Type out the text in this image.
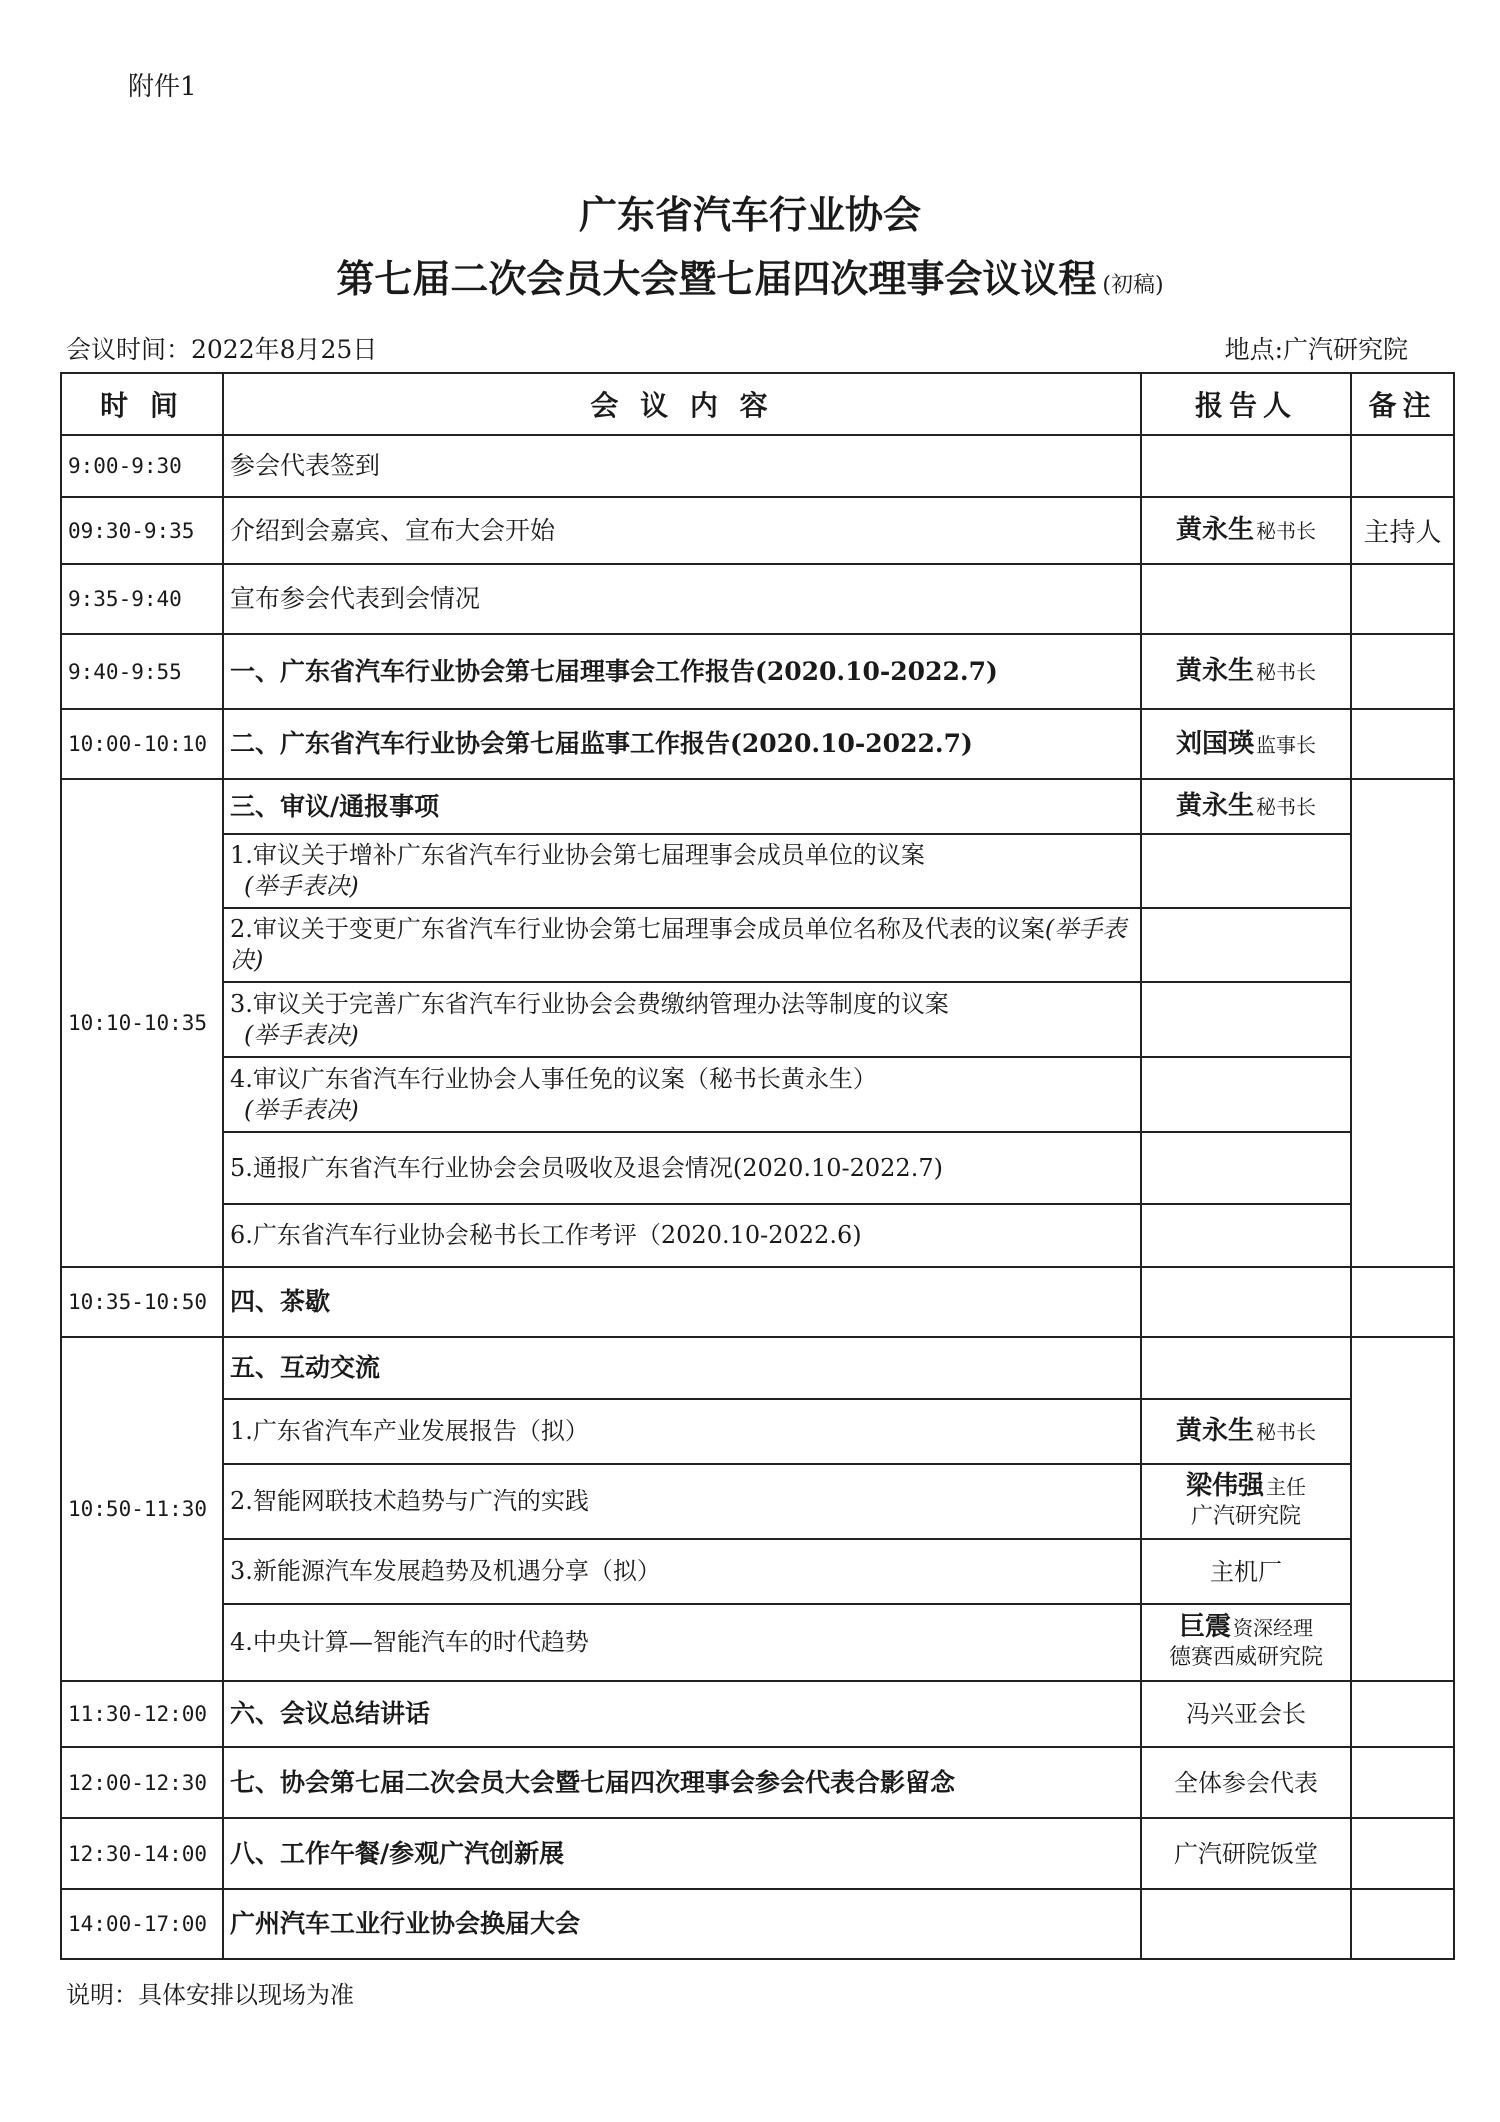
附件1
广东省汽车行业协会
第七届二次会员大会暨七届四次理事会议议程 (初稿)
会议时间：2022年8月25日	地点:广汽研究院
时 间	会 议 内 容	报告人	备注
9:00-9:30	参会代表签到		
09:30-9:35	介绍到会嘉宾、宣布大会开始	黄永生 秘书长	主持人
9:35-9:40	宣布参会代表到会情况		
9:40-9:55	一、广东省汽车行业协会第七届理事会工作报告(2020.10-2022.7)	黄永生 秘书长	
10:00-10:10	二、广东省汽车行业协会第七届监事工作报告(2020.10-2022.7)	刘国瑛 监事长	
10:10-10:35	三、审议/通报事项	黄永生 秘书长	
	1.审议关于增补广东省汽车行业协会第七届理事会成员单位的议案
(举手表决)		
	2.审议关于变更广东省汽车行业协会第七届理事会成员单位名称及代表的议案(举手表决)		
	3.审议关于完善广东省汽车行业协会会费缴纳管理办法等制度的议案
(举手表决)		
	4.审议广东省汽车行业协会人事任免的议案（秘书长黄永生）
(举手表决)		
	5.通报广东省汽车行业协会会员吸收及退会情况(2020.10-2022.7)		
	6.广东省汽车行业协会秘书长工作考评（2020.10-2022.6)		
10:35-10:50	四、茶歇		
10:50-11:30	五、互动交流		
	1.广东省汽车产业发展报告（拟）	黄永生 秘书长	
	2.智能网联技术趋势与广汽的实践	梁伟强 主任
广汽研究院	

	3.新能源汽车发展趋势及机遇分享（拟）	主机厂	
	4.中央计算—智能汽车的时代趋势	巨震 资深经理
德赛西威研究院	

11:30-12:00	六、会议总结讲话	冯兴亚会长	
12:00-12:30	七、协会第七届二次会员大会暨七届四次理事会参会代表合影留念	全体参会代表	
12:30-14:00	八、工作午餐/参观广汽创新展	广汽研院饭堂	
14:00-17:00	广州汽车工业行业协会换届大会		
说明：具体安排以现场为准
